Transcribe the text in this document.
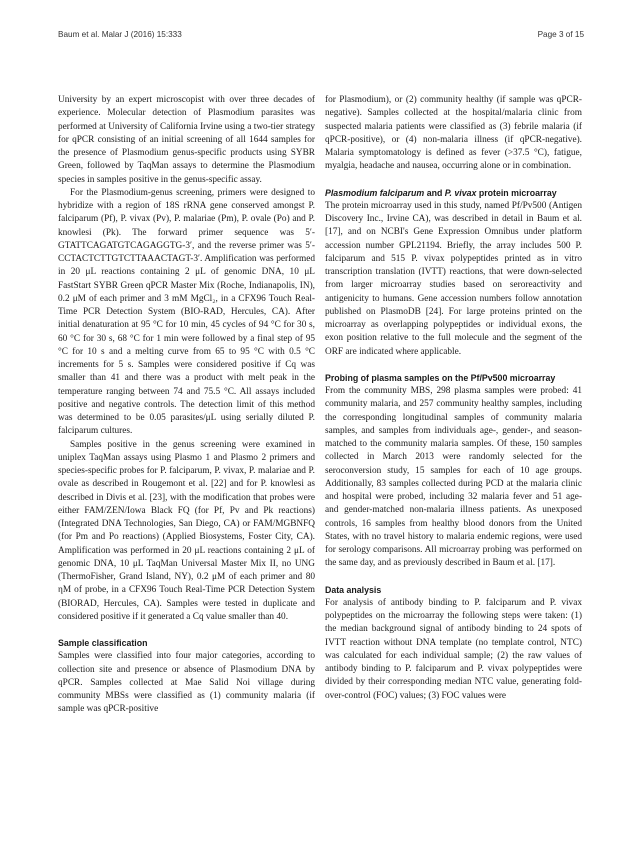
Baum et al. Malar J (2016) 15:333	Page 3 of 15

University by an expert microscopist with over three decades of experience. Molecular detection of Plasmodium parasites was performed at University of California Irvine using a two-tier strategy for qPCR consisting of an initial screening of all 1644 samples for the presence of Plasmodium genus-specific products using SYBR Green, followed by TaqMan assays to determine the Plasmodium species in samples positive in the genus-specific assay.

For the Plasmodium-genus screening, primers were designed to hybridize with a region of 18S rRNA gene conserved amongst P. falciparum (Pf), P. vivax (Pv), P. malariae (Pm), P. ovale (Po) and P. knowlesi (Pk). The forward primer sequence was 5′-GTATTCAGATGTCAGAGGTG-3′, and the reverse primer was 5′-CCTACTCTTGTCTTAAACTAGT-3′. Amplification was performed in 20 μL reactions containing 2 μL of genomic DNA, 10 μL FastStart SYBR Green qPCR Master Mix (Roche, Indianapolis, IN), 0.2 μM of each primer and 3 mM MgCl₂, in a CFX96 Touch Real-Time PCR Detection System (BIO-RAD, Hercules, CA). After initial denaturation at 95 °C for 10 min, 45 cycles of 94 °C for 30 s, 60 °C for 30 s, 68 °C for 1 min were followed by a final step of 95 °C for 10 s and a melting curve from 65 to 95 °C with 0.5 °C increments for 5 s. Samples were considered positive if Cq was smaller than 41 and there was a product with melt peak in the temperature ranging between 74 and 75.5 °C. All assays included positive and negative controls. The detection limit of this method was determined to be 0.05 parasites/μL using serially diluted P. falciparum cultures.

Samples positive in the genus screening were examined in uniplex TaqMan assays using Plasmo 1 and Plasmo 2 primers and species-specific probes for P. falciparum, P. vivax, P. malariae and P. ovale as described in Rougemont et al. [22] and for P. knowlesi as described in Divis et al. [23], with the modification that probes were either FAM/ZEN/Iowa Black FQ (for Pf, Pv and Pk reactions) (Integrated DNA Technologies, San Diego, CA) or FAM/MGBNFQ (for Pm and Po reactions) (Applied Biosystems, Foster City, CA). Amplification was performed in 20 μL reactions containing 2 μL of genomic DNA, 10 μL TaqMan Universal Master Mix II, no UNG (ThermoFisher, Grand Island, NY), 0.2 μM of each primer and 80 ηM of probe, in a CFX96 Touch Real-Time PCR Detection System (BIORAD, Hercules, CA). Samples were tested in duplicate and considered positive if it generated a Cq value smaller than 40.

Sample classification

Samples were classified into four major categories, according to collection site and presence or absence of Plasmodium DNA by qPCR. Samples collected at Mae Salid Noi village during community MBSs were classified as (1) community malaria (if sample was qPCR-positive

for Plasmodium), or (2) community healthy (if sample was qPCR-negative). Samples collected at the hospital/malaria clinic from suspected malaria patients were classified as (3) febrile malaria (if qPCR-positive), or (4) non-malaria illness (if qPCR-negative). Malaria symptomatology is defined as fever (>37.5 °C), fatigue, myalgia, headache and nausea, occurring alone or in combination.

Plasmodium falciparum and P. vivax protein microarray

The protein microarray used in this study, named Pf/Pv500 (Antigen Discovery Inc., Irvine CA), was described in detail in Baum et al. [17], and on NCBI's Gene Expression Omnibus under platform accession number GPL21194. Briefly, the array includes 500 P. falciparum and 515 P. vivax polypeptides printed as in vitro transcription translation (IVTT) reactions, that were down-selected from larger microarray studies based on seroreactivity and antigenicity to humans. Gene accession numbers follow annotation published on PlasmoDB [24]. For large proteins printed on the microarray as overlapping polypeptides or individual exons, the exon position relative to the full molecule and the segment of the ORF are indicated where applicable.

Probing of plasma samples on the Pf/Pv500 microarray

From the community MBS, 298 plasma samples were probed: 41 community malaria, and 257 community healthy samples, including the corresponding longitudinal samples of community malaria samples, and samples from individuals age-, gender-, and season-matched to the community malaria samples. Of these, 150 samples collected in March 2013 were randomly selected for the seroconversion study, 15 samples for each of 10 age groups. Additionally, 83 samples collected during PCD at the malaria clinic and hospital were probed, including 32 malaria fever and 51 age- and gender-matched non-malaria illness patients. As unexposed controls, 16 samples from healthy blood donors from the United States, with no travel history to malaria endemic regions, were used for serology comparisons. All microarray probing was performed on the same day, and as previously described in Baum et al. [17].

Data analysis

For analysis of antibody binding to P. falciparum and P. vivax polypeptides on the microarray the following steps were taken: (1) the median background signal of antibody binding to 24 spots of IVTT reaction without DNA template (no template control, NTC) was calculated for each individual sample; (2) the raw values of antibody binding to P. falciparum and P. vivax polypeptides were divided by their corresponding median NTC value, generating fold-over-control (FOC) values; (3) FOC values were
